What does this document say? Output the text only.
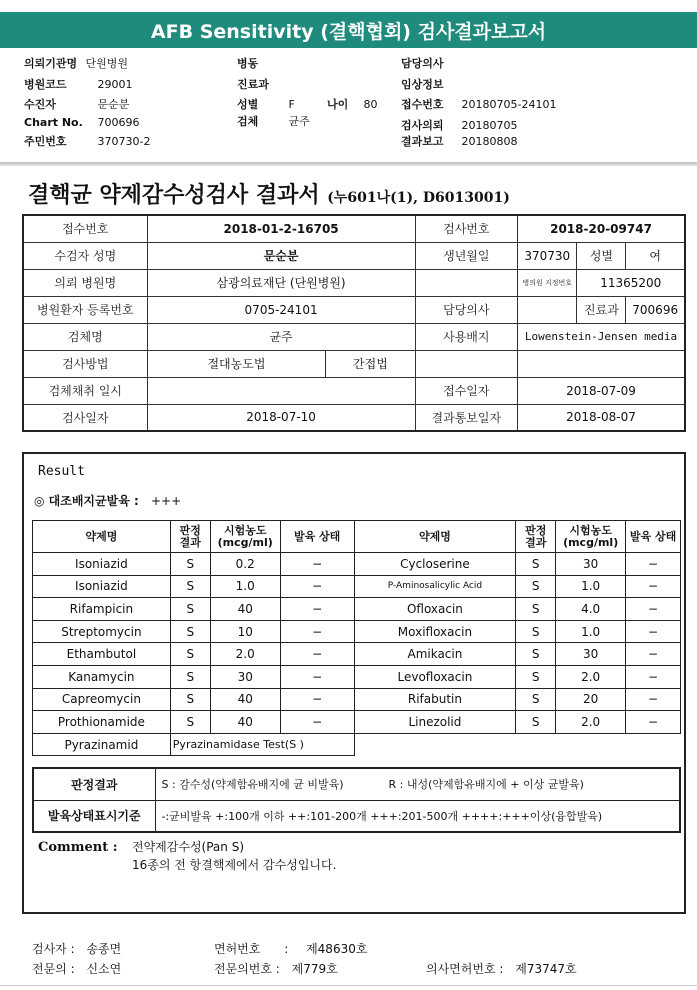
AFB Sensitivity (결핵협회) 검사결과보고서
의뢰기관명 단원병원
병원코드	29001
수진자	문순분
Chart No. 700696
주민번호	370730-2
병동
진료과
성별	F	나이 80
검체	균주
담당의사
임상정보
접수번호 20180705-24101
검사의뢰 20180705
결과보고 20180808
결핵균 약제감수성검사 결과서 (누601나(1), D6013001)
접수번호	2018-01-2-16705		검사번호	2018-20-09747		
수검자 성명	문순분		생년월일	370730	성별	여
의뢰 병원명	삼광의료재단 (단원병원)			병의원 지정번호	11365200	
병원환자 등록번호	0705-24101		담당의사		진료과	700696
검체명	균주		사용배지	Lowenstein-Jensen media		
검사방법	절대농도법	간접법				
검체채취 일시			접수일자	2018-07-09		
검사일자	2018-07-10		결과통보일자	2018-08-07		
Result
◎ 대조배지균발육 : +++
약제명	판정 결과	시험농도 (mcg/ml)	발육 상태	약제명	판정 결과	시험농도 (mcg/ml)	발육 상태
Isoniazid	S	0.2	−	Cycloserine	S	30	−
Isoniazid	S	1.0	−	P-Aminosalicylic Acid	S	1.0	−
Rifampicin	S	40	−	Ofloxacin	S	4.0	−
Streptomycin	S	10	−	Moxifloxacin	S	1.0	−
Ethambutol	S	2.0	−	Amikacin	S	30	−
Kanamycin	S	30	−	Levofloxacin	S	2.0	−
Capreomycin	S	40	−	Rifabutin	S	20	−
Prothionamide	S	40	−	Linezolid	S	2.0	−
Pyrazinamid	Pyrazinamidase Test(S )						
판정결과	S : 감수성(약제함유배지에 균 비발육) R : 내성(약제함유배지에 + 이상 균발육)
발육상태표시기준	-:균비발육 +:100개 이하 ++:101-200개 +++:201-500개 ++++:+++이상(융합발육)
Comment : 전약제감수성(Pan S)
16종의 전 항결핵제에서 감수성입니다.
검사자 : 송종면	면허번호 : 제48630호
전문의 : 신소연	전문의번호 : 제779호	의사면허번호 : 제73747호
